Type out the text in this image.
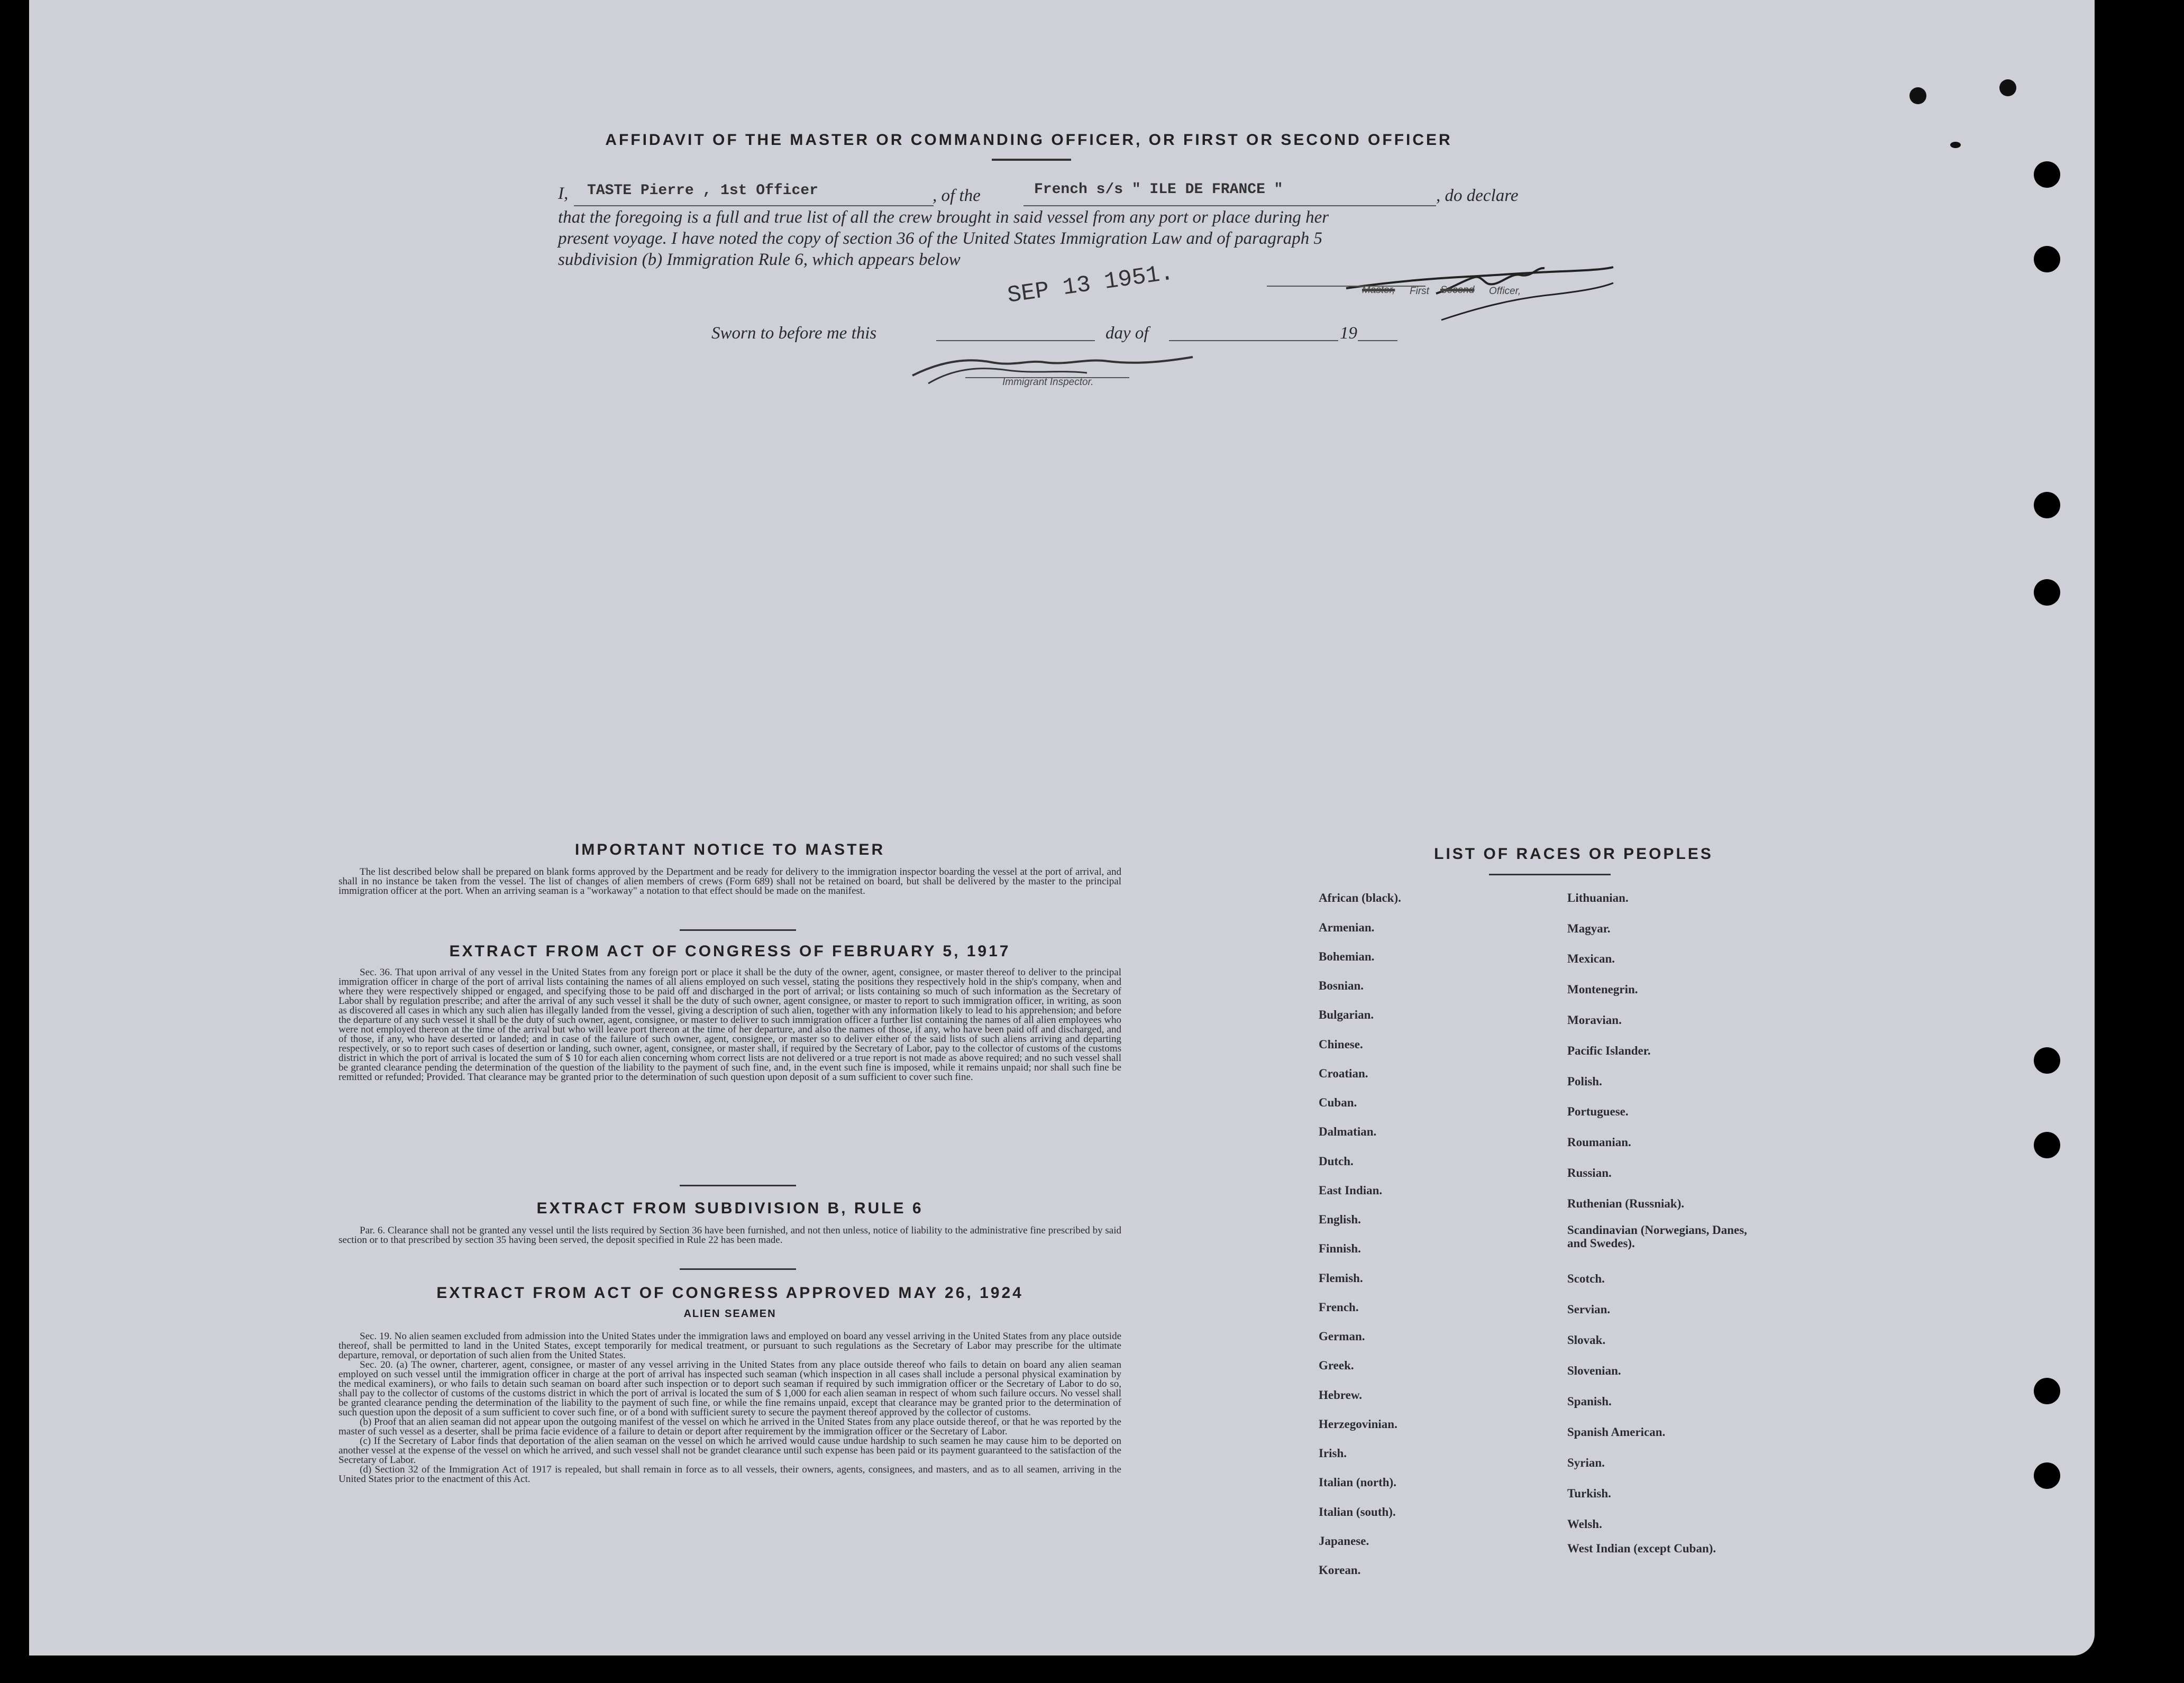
AFFIDAVIT OF THE MASTER OR COMMANDING OFFICER, OR FIRST OR SECOND OFFICER
I, TASTE Pierre , 1st Officer	, of the	French s/s " ILE DE FRANCE "	, do declare
that the foregoing is a full and true list of all the crew brought in said vessel from any port or place during her
present voyage. I have noted the copy of section 36 of the United States Immigration Law and of paragraph 5
subdivision (b) Immigration Rule 6, which appears below
SEP 13 1951.	Master, First Second Officer,
Sworn to before me this	day of	19
Immigrant Inspector.
IMPORTANT NOTICE TO MASTER

The list described below shall be prepared on blank forms approved by the Department and be ready for delivery to the immigration inspector boarding the vessel at the port of arrival, and shall in no instance be taken from the vessel. The list of changes of alien members of crews (Form 689) shall not be retained on board, but shall be delivered by the master to the principal immigration officer at the port. When an arriving seaman is a "workaway" a notation to that effect should be made on the manifest.

EXTRACT FROM ACT OF CONGRESS OF FEBRUARY 5, 1917

Sec. 36. That upon arrival of any vessel in the United States from any foreign port or place it shall be the duty of the owner, agent, consignee, or master thereof to deliver to the principal immigration officer in charge of the port of arrival lists containing the names of all aliens employed on such vessel, stating the positions they respectively hold in the ship's company, when and where they were respectively shipped or engaged, and specifying those to be paid off and discharged in the port of arrival; or lists containing so much of such information as the Secretary of Labor shall by regulation prescribe; and after the arrival of any such vessel it shall be the duty of such owner, agent consignee, or master to report to such immigration officer, in writing, as soon as discovered all cases in which any such alien has illegally landed from the vessel, giving a description of such alien, together with any information likely to lead to his apprehension; and before the departure of any such vessel it shall be the duty of such owner, agent, consignee, or master to deliver to such immigration officer a further list containing the names of all alien employees who were not employed thereon at the time of the arrival but who will leave port thereon at the time of her departure, and also the names of those, if any, who have been paid off and discharged, and of those, if any, who have deserted or landed; and in case of the failure of such owner, agent, consignee, or master so to deliver either of the said lists of such aliens arriving and departing respectively, or so to report such cases of desertion or landing, such owner, agent, consignee, or master shall, if required by the Secretary of Labor, pay to the collector of customs of the customs district in which the port of arrival is located the sum of $ 10 for each alien concerning whom correct lists are not delivered or a true report is not made as above required; and no such vessel shall be granted clearance pending the determination of the question of the liability to the payment of such fine, and, in the event such fine is imposed, while it remains unpaid; nor shall such fine be remitted or refunded; Provided. That clearance may be granted prior to the determination of such question upon deposit of a sum sufficient to cover such fine.

EXTRACT FROM SUBDIVISION B, RULE 6

Par. 6. Clearance shall not be granted any vessel until the lists required by Section 36 have been furnished, and not then unless, notice of liability to the administrative fine prescribed by said section or to that prescribed by section 35 having been served, the deposit specified in Rule 22 has been made.

EXTRACT FROM ACT OF CONGRESS APPROVED MAY 26, 1924
ALIEN SEAMEN

Sec. 19. No alien seamen excluded from admission into the United States under the immigration laws and employed on board any vessel arriving in the United States from any place outside thereof, shall be permitted to land in the United States, except temporarily for medical treatment, or pursuant to such regulations as the Secretary of Labor may prescribe for the ultimate departure, removal, or deportation of such alien from the United States.

Sec. 20. (a) The owner, charterer, agent, consignee, or master of any vessel arriving in the United States from any place outside thereof who fails to detain on board any alien seaman employed on such vessel until the immigration officer in charge at the port of arrival has inspected such seaman (which inspection in all cases shall include a personal physical examination by the medical examiners), or who fails to detain such seaman on board after such inspection or to deport such seaman if required by such immigration officer or the Secretary of Labor to do so, shall pay to the collector of customs of the customs district in which the port of arrival is located the sum of $ 1,000 for each alien seaman in respect of whom such failure occurs. No vessel shall be granted clearance pending the determination of the liability to the payment of such fine, or while the fine remains unpaid, except that clearance may be granted prior to the determination of such question upon the deposit of a sum sufficient to cover such fine, or of a bond with sufficient surety to secure the payment thereof approved by the collector of customs.

(b) Proof that an alien seaman did not appear upon the outgoing manifest of the vessel on which he arrived in the United States from any place outside thereof, or that he was reported by the master of such vessel as a deserter, shall be prima facie evidence of a failure to detain or deport after requirement by the immigration officer or the Secretary of Labor.

(c) If the Secretary of Labor finds that deportation of the alien seaman on the vessel on which he arrived would cause undue hardship to such seamen he may cause him to be deported on another vessel at the expense of the vessel on which he arrived, and such vessel shall not be grandet clearance until such expense has been paid or its payment guaranteed to the satisfaction of the Secretary of Labor.

(d) Section 32 of the Immigration Act of 1917 is repealed, but shall remain in force as to all vessels, their owners, agents, consignees, and masters, and as to all seamen, arriving in the United States prior to the enactment of this Act.

LIST OF RACES OR PEOPLES
African (black).
Armenian.
Bohemian.
Bosnian.
Bulgarian.
Chinese.
Croatian.
Cuban.
Dalmatian.
Dutch.
East Indian.
English.
Finnish.
Flemish.
French.
German.
Greek.
Hebrew.
Herzegovinian.
Irish.
Italian (north).
Italian (south).
Japanese.
Korean.
Lithuanian.
Magyar.
Mexican.
Montenegrin.
Moravian.
Pacific Islander.
Polish.
Portuguese.
Roumanian.
Russian.
Ruthenian (Russniak).
Scandinavian (Norwegians, Danes, and Swedes).
Scotch.
Servian.
Slovak.
Slovenian.
Spanish.
Spanish American.
Syrian.
Turkish.
Welsh.
West Indian (except Cuban).
